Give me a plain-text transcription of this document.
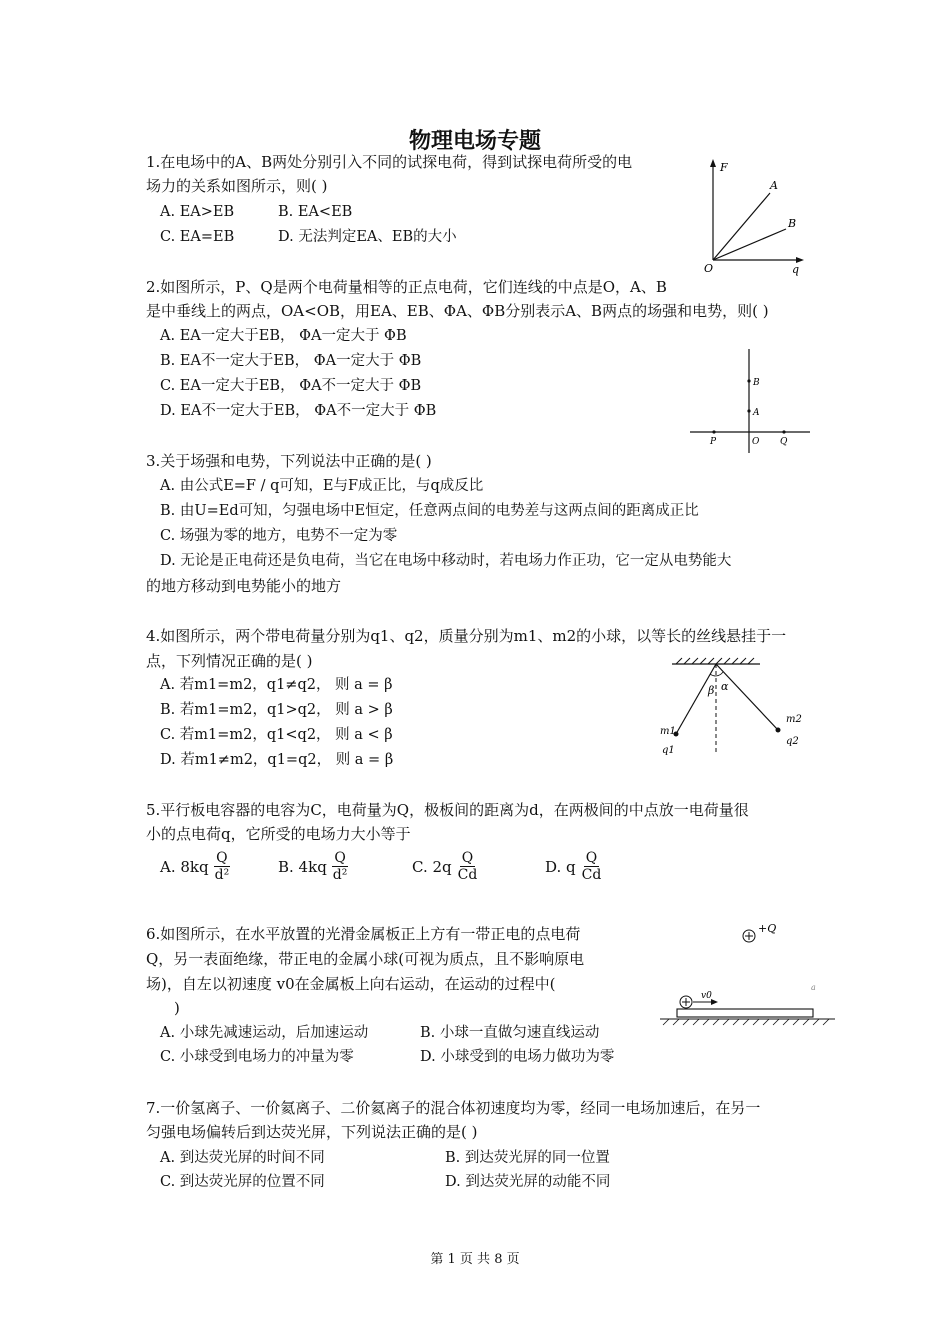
物理电场专题
1.在电场中的A、B两处分别引入不同的试探电荷，得到试探电荷所受的电
场力的关系如图所示，则( )
A. EA>EB	B. EA<EB
C. EA=EB	D. 无法判定EA、EB的大小
F
q
O
A
B
2.如图所示，P、Q是两个电荷量相等的正点电荷，它们连线的中点是O，A、B
是中垂线上的两点，OA<OB，用EA、EB、ΦA、ΦB分别表示A、B两点的场强和电势，则( )
A. EA一定大于EB， ΦA一定大于 ΦB
B. EA不一定大于EB， ΦA一定大于 ΦB
C. EA一定大于EB， ΦA不一定大于 ΦB
D. EA不一定大于EB， ΦA不一定大于 ΦB
B
A
P	O Q
3.关于场强和电势，下列说法中正确的是( )
A. 由公式E=F / q可知，E与F成正比，与q成反比
B. 由U=Ed可知，匀强电场中E恒定，任意两点间的电势差与这两点间的距离成正比
C. 场强为零的地方，电势不一定为零
D. 无论是正电荷还是负电荷，当它在电场中移动时，若电场力作正功，它一定从电势能大
的地方移动到电势能小的地方
4.如图所示，两个带电荷量分别为q1、q2，质量分别为m1、m2的小球，以等长的丝线悬挂于一
点，下列情况正确的是( )
A. 若m1=m2，q1≠q2， 则 a = β
B. 若m1=m2，q1>q2， 则 a > β
C. 若m1=m2，q1<q2， 则 a < β
D. 若m1≠m2，q1=q2， 则 a = β
β α
m1
q1
m2
q2
5.平行板电容器的电容为C，电荷量为Q，极板间的距离为d，在两极间的中点放一电荷量很
小的点电荷q，它所受的电场力大小等于
A. $8kq \frac{Q}{\text{d²}}$	B. $4kq \frac{Q}{\text{d²}}$	C. $2q \frac{Q}{Cd}$	D. q $\frac{Q}{Cd}$
6.如图所示，在水平放置的光滑金属板正上方有一带正电的点电荷
Q，另一表面绝缘，带正电的金属小球(可视为质点，且不影响原电
场)，自左以初速度 v0在金属板上向右运动，在运动的过程中(
)
A. 小球先减速运动，后加速运动	B. 小球一直做匀速直线运动
C. 小球受到电场力的冲量为零	D. 小球受到的电场力做功为零
+Q
v0
a
7.一价氢离子、一价氦离子、二价氦离子的混合体初速度均为零，经同一电场加速后，在另一
匀强电场偏转后到达荧光屏，下列说法正确的是( )
A. 到达荧光屏的时间不同	B. 到达荧光屏的同一位置
C. 到达荧光屏的位置不同	D. 到达荧光屏的动能不同
第 1 页 共 8 页
